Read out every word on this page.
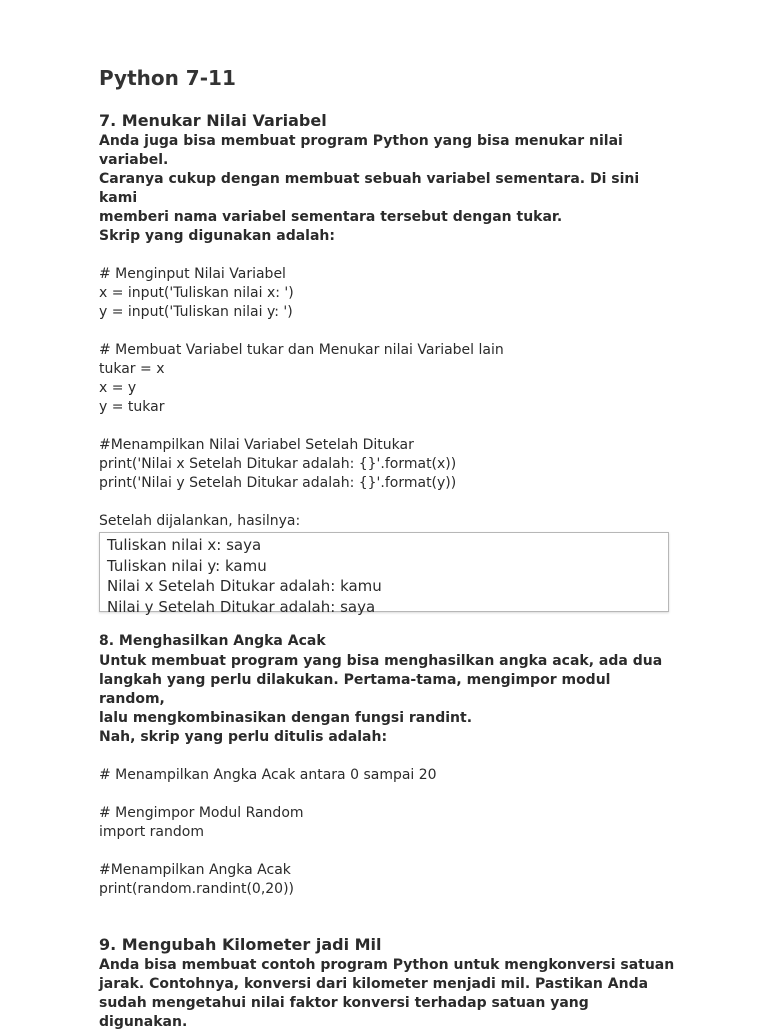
Python 7-11
7. Menukar Nilai Variabel

Anda juga bisa membuat program Python yang bisa menukar nilai variabel.

Caranya cukup dengan membuat sebuah variabel sementara. Di sini kami

memberi nama variabel sementara tersebut dengan tukar.

Skrip yang digunakan adalah:

# Menginput Nilai Variabel

x = input('Tuliskan nilai x: ')

y = input('Tuliskan nilai y: ')

# Membuat Variabel tukar dan Menukar nilai Variabel lain

tukar = x

x = y

y = tukar

#Menampilkan Nilai Variabel Setelah Ditukar

print('Nilai x Setelah Ditukar adalah: {}'.format(x))

print('Nilai y Setelah Ditukar adalah: {}'.format(y))

Setelah dijalankan, hasilnya:

Tuliskan nilai x: saya

Tuliskan nilai y: kamu

Nilai x Setelah Ditukar adalah: kamu

Nilai y Setelah Ditukar adalah: saya

8. Menghasilkan Angka Acak

Untuk membuat program yang bisa menghasilkan angka acak, ada dua

langkah yang perlu dilakukan. Pertama-tama, mengimpor modul random,

lalu mengkombinasikan dengan fungsi randint.

Nah, skrip yang perlu ditulis adalah:

# Menampilkan Angka Acak antara 0 sampai 20

# Mengimpor Modul Random

import random

#Menampilkan Angka Acak

print(random.randint(0,20))

9. Mengubah Kilometer jadi Mil

Anda bisa membuat contoh program Python untuk mengkonversi satuan

jarak. Contohnya, konversi dari kilometer menjadi mil. Pastikan Anda

sudah mengetahui nilai faktor konversi terhadap satuan yang digunakan.
